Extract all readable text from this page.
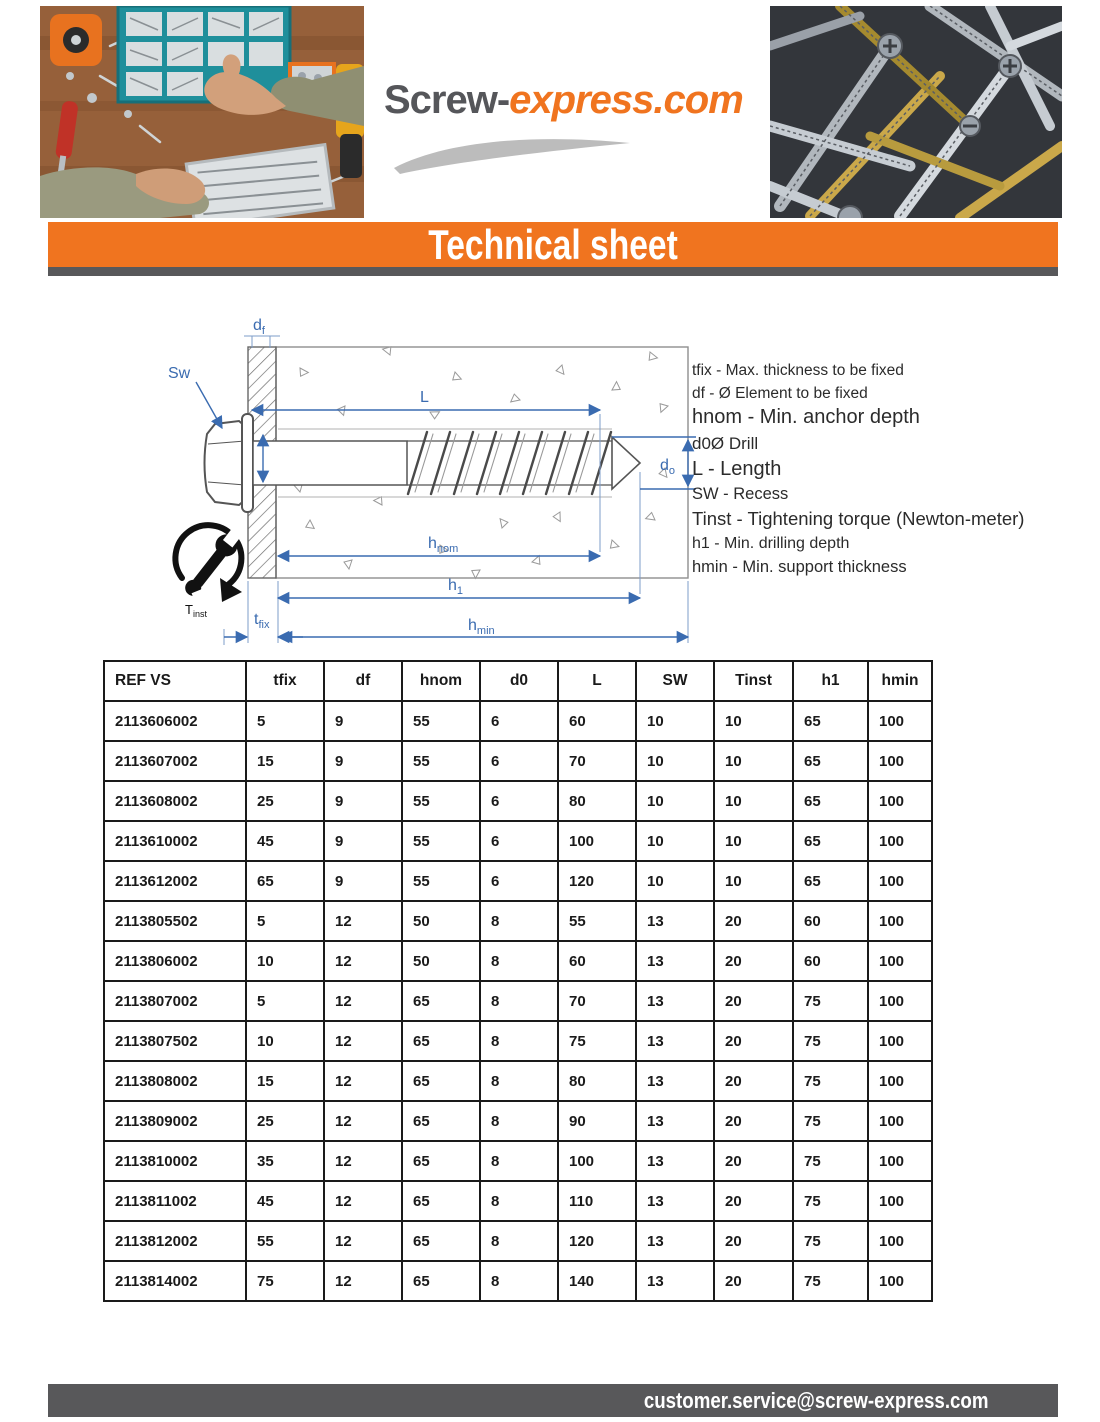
Screw-express.com
Technical sheet
Sw
$d_f$
L
$d_o$
$h_{nom}$
$h_1$
$h_{min}$
$t_{fix}$
$T_{inst}$
tfix - Max. thickness to be fixed
df - Ø Element to be fixed
hnom - Min. anchor depth
d0Ø Drill
L - Length
SW - Recess
Tinst - Tightening torque (Newton-meter)
h1 - Min. drilling depth
hmin - Min. support thickness
REF VS	tfix	df	hnom	d0	L	SW	Tinst	h1	hmin
2113606002	5	9	55	6	60	10	10	65	100
2113607002	15	9	55	6	70	10	10	65	100
2113608002	25	9	55	6	80	10	10	65	100
2113610002	45	9	55	6	100	10	10	65	100
2113612002	65	9	55	6	120	10	10	65	100
2113805502	5	12	50	8	55	13	20	60	100
2113806002	10	12	50	8	60	13	20	60	100
2113807002	5	12	65	8	70	13	20	75	100
2113807502	10	12	65	8	75	13	20	75	100
2113808002	15	12	65	8	80	13	20	75	100
2113809002	25	12	65	8	90	13	20	75	100
2113810002	35	12	65	8	100	13	20	75	100
2113811002	45	12	65	8	110	13	20	75	100
2113812002	55	12	65	8	120	13	20	75	100
2113814002	75	12	65	8	140	13	20	75	100
customer.service@screw-express.com
